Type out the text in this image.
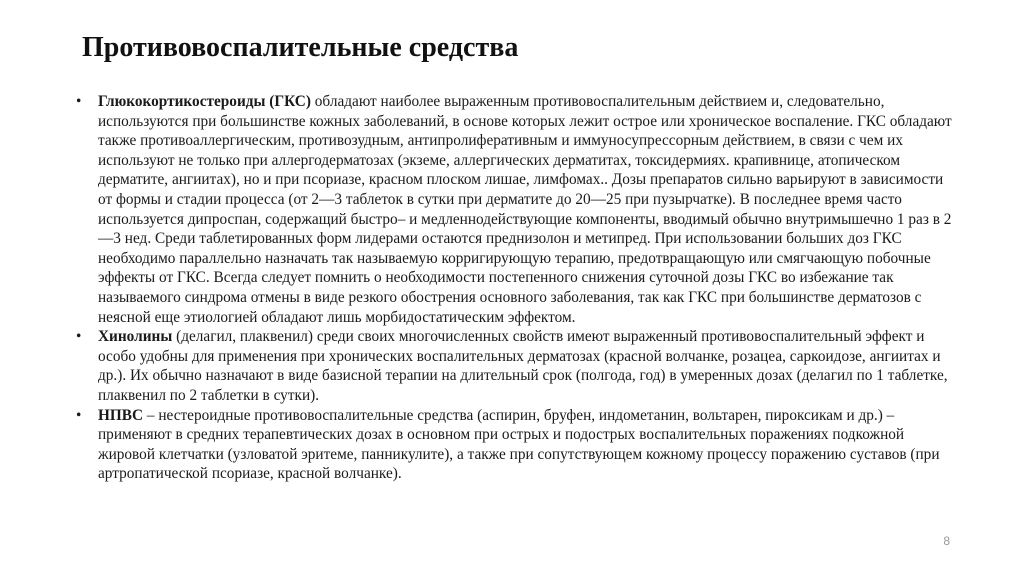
Противовоспалительные средства
• Глюкокортикостероиды (ГКС) обладают наиболее выраженным противовоспалительным действием и, следовательно, используются при большинстве кожных заболеваний, в основе которых лежит острое или хроническое воспаление. ГКС обладают также противоаллергическим, противозудным, антипролиферативным и иммуносупрессорным действием, в связи с чем их используют не только при аллергодерматозах (экземе, аллергических дерматитах, токсидермиях. крапивнице, атопическом дерматите, ангиитах), но и при псориазе, красном плоском лишае, лимфомах.. Дозы препаратов сильно варьируют в зависимости от формы и стадии процесса (от 2—3 таблеток в сутки при дерматите до 20—25 при пузырчатке). В последнее время часто используется дипроспан, содержащий быстро– и медленнодействующие компоненты, вводимый обычно внутримышечно 1 раз в 2—3 нед. Среди таблетированных форм лидерами остаются преднизолон и метипред. При использовании больших доз ГКС необходимо параллельно назначать так называемую корригирующую терапию, предотвращающую или смягчающую побочные эффекты от ГКС. Всегда следует помнить о необходимости постепенного снижения суточной дозы ГКС во избежание так называемого синдрома отмены в виде резкого обострения основного заболевания, так как ГКС при большинстве дерматозов с неясной еще этиологией обладают лишь морбидостатическим эффектом.
• Хинолины (делагил, плаквенил) среди своих многочисленных свойств имеют выраженный противовоспалительный эффект и особо удобны для применения при хронических воспалительных дерматозах (красной волчанке, розацеа, саркоидозе, ангиитах и др.). Их обычно назначают в виде базисной терапии на длительный срок (полгода, год) в умеренных дозах (делагил по 1 таблетке, плаквенил по 2 таблетки в сутки).
• НПВС – нестероидные противовоспалительные средства (аспирин, бруфен, индометанин, вольтарен, пироксикам и др.) – применяют в средних терапевтических дозах в основном при острых и подострых воспалительных поражениях подкожной жировой клетчатки (узловатой эритеме, панникулите), а также при сопутствующем кожному процессу поражению суставов (при артропатической псориазе, красной волчанке).
8
